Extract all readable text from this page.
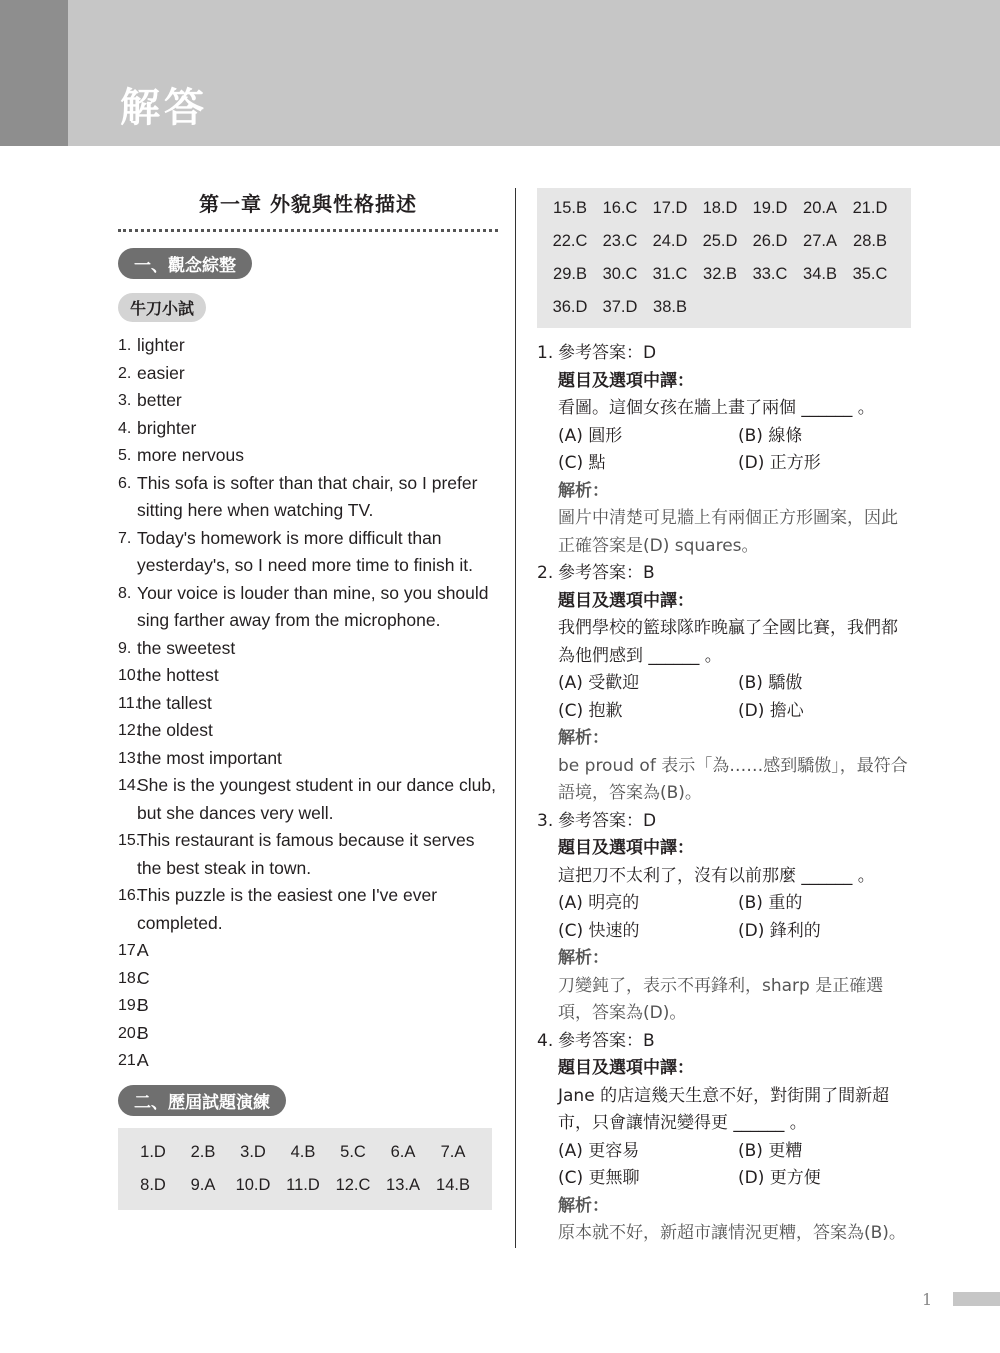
解答
第一章 外貌與性格描述
一、觀念綜整
牛刀小試
1. lighter
2. easier
3. better
4. brighter
5. more nervous
6. This sofa is softer than that chair, so I prefer sitting here when watching TV.
7. Today's homework is more difficult than yesterday's, so I need more time to finish it.
8. Your voice is louder than mine, so you should sing farther away from the microphone.
9. the sweetest
10.
the hottest
11.
the tallest
12.
the oldest
13.
the most important
14.
She is the youngest student in our dance club, but she dances very well.
15.
This restaurant is famous because it serves the best steak in town.
16.
This puzzle is the easiest one I've ever completed.
17.
A
18.
C
19.
B
20.
B
21.
A
二、歷屆試題演練
1.D	2.B	3.D	4.B	5.C	6.A	7.A
8.D	9.A	10.D 11.D 12.C 13.A 14.B
15.B 16.C 17.D 18.D 19.D 20.A 21.D
22.C 23.C 24.D 25.D 26.D 27.A 28.B
29.B 30.C 31.C 32.B 33.C 34.B 35.C
36.D 37.D 38.B
1. 參考答案：D
題目及選項中譯：
看圖。這個女孩在牆上畫了兩個 ______ 。
(A) 圓形	(B) 線條
(C) 點	(D) 正方形
解析：
圖片中清楚可見牆上有兩個正方形圖案，因此正確答案是(D) squares。
2. 參考答案：B
題目及選項中譯：
我們學校的籃球隊昨晚贏了全國比賽，我們都為他們感到 ______ 。
(A) 受歡迎	(B) 驕傲
(C) 抱歉	(D) 擔心
解析：
be proud of 表示「為……感到驕傲」，最符合語境，答案為(B)。
3. 參考答案：D
題目及選項中譯：
這把刀不太利了，沒有以前那麼 ______ 。
(A) 明亮的	(B) 重的
(C) 快速的	(D) 鋒利的
解析：
刀變鈍了，表示不再鋒利，sharp 是正確選項，答案為(D)。
4. 參考答案：B
題目及選項中譯：
Jane 的店這幾天生意不好，對街開了間新超市，只會讓情況變得更 ______ 。
(A) 更容易	(B) 更糟
(C) 更無聊	(D) 更方便
解析：
原本就不好，新超市讓情況更糟，答案為(B)。
1
